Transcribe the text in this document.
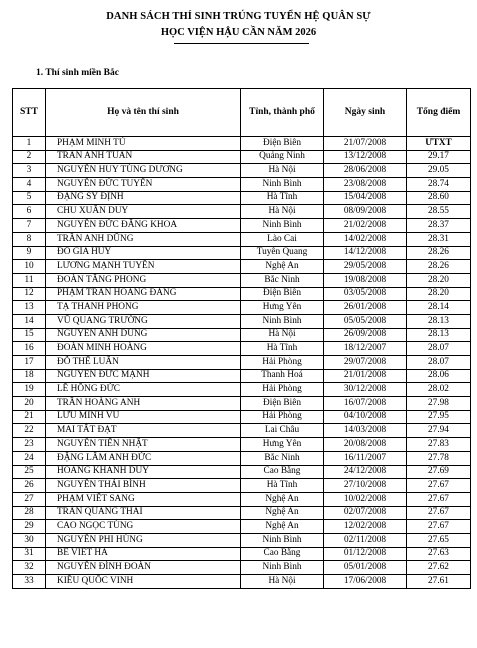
DANH SÁCH THÍ SINH TRÚNG TUYỂN HỆ QUÂN SỰ
HỌC VIỆN HẬU CẦN NĂM 2026
1. Thí sinh miền Bắc
STT	Họ và tên thí sinh	Tỉnh, thành phố	Ngày sinh	Tổng điểm
1	PHẠM MINH TÚ	Điện Biên	21/07/2008	ƯTXT
2	TRẦN ANH TUẤN	Quảng Ninh	13/12/2008	29.17
3	NGUYỄN HUY TÙNG DƯƠNG	Hà Nội	28/06/2008	29.05
4	NGUYỄN ĐỨC TUYẾN	Ninh Bình	23/08/2008	28.74
5	ĐẶNG SỸ ĐỊNH	Hà Tĩnh	15/04/2008	28.60
6	CHU XUÂN DUY	Hà Nội	08/09/2008	28.55
7	NGUYỄN ĐỨC ĐĂNG KHOA	Ninh Bình	21/02/2008	28.37
8	TRẦN ANH DŨNG	Lào Cai	14/02/2008	28.31
9	ĐỖ GIA HUY	Tuyên Quang	14/12/2008	28.26
10	LƯƠNG MẠNH TUYÊN	Nghệ An	29/05/2008	28.26
11	ĐOÀN TĂNG PHONG	Bắc Ninh	19/08/2008	28.20
12	PHẠM TRẦN HOÀNG ĐĂNG	Điện Biên	03/05/2008	28.20
13	TẠ THANH PHONG	Hưng Yên	26/01/2008	28.14
14	VŨ QUANG TRƯỜNG	Ninh Bình	05/05/2008	28.13
15	NGUYỄN ANH DŨNG	Hà Nội	26/09/2008	28.13
16	ĐOÀN MINH HOÀNG	Hà Tĩnh	18/12/2007	28.07
17	ĐỖ THẾ LUÂN	Hải Phòng	29/07/2008	28.07
18	NGUYỄN ĐỨC MẠNH	Thanh Hoá	21/01/2008	28.06
19	LÊ HỒNG ĐỨC	Hải Phòng	30/12/2008	28.02
20	TRẦN HOÀNG ANH	Điện Biên	16/07/2008	27.98
21	LƯU MINH VŨ	Hải Phòng	04/10/2008	27.95
22	MAI TẤT ĐẠT	Lai Châu	14/03/2008	27.94
23	NGUYỄN TIẾN NHẬT	Hưng Yên	20/08/2008	27.83
24	ĐẶNG LÂM ANH ĐỨC	Bắc Ninh	16/11/2007	27.78
25	HOÀNG KHÁNH DUY	Cao Bằng	24/12/2008	27.69
26	NGUYỄN THÁI BÌNH	Hà Tĩnh	27/10/2008	27.67
27	PHẠM VIẾT SANG	Nghệ An	10/02/2008	27.67
28	TRẦN QUANG THÁI	Nghệ An	02/07/2008	27.67
29	CAO NGỌC TÙNG	Nghệ An	12/02/2008	27.67
30	NGUYỄN PHI HÙNG	Ninh Bình	02/11/2008	27.65
31	BẾ VIẾT HÀ	Cao Bằng	01/12/2008	27.63
32	NGUYỄN ĐÌNH ĐOÀN	Ninh Bình	05/01/2008	27.62
33	KIỀU QUỐC VINH	Hà Nội	17/06/2008	27.61
